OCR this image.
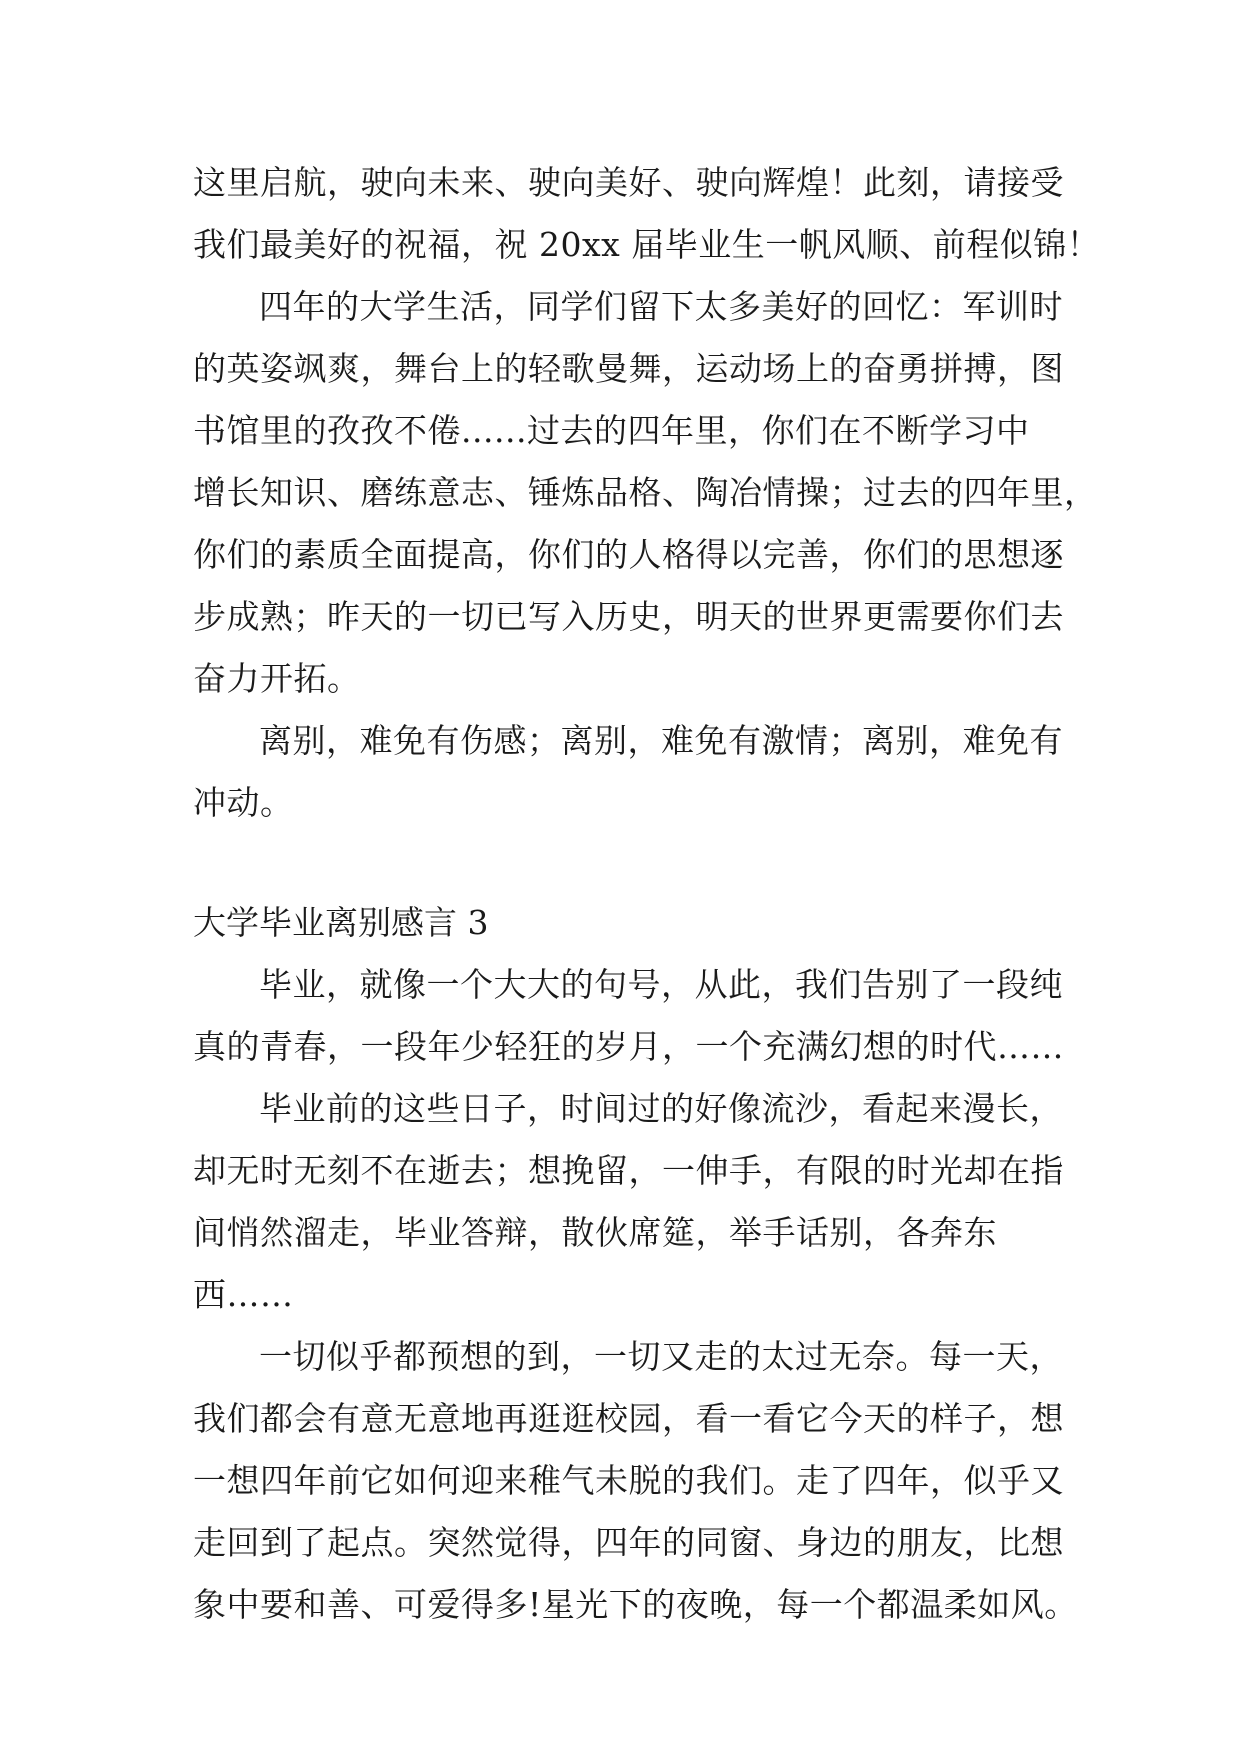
这里启航，驶向未来、驶向美好、驶向辉煌！此刻，请接受
我们最美好的祝福，祝 20xx 届毕业生一帆风顺、前程似锦！
四年的大学生活，同学们留下太多美好的回忆：军训时
的英姿飒爽，舞台上的轻歌曼舞，运动场上的奋勇拼搏，图
书馆里的孜孜不倦......过去的四年里，你们在不断学习中
增长知识、磨练意志、锤炼品格、陶冶情操；过去的四年里，
你们的素质全面提高，你们的人格得以完善，你们的思想逐
步成熟；昨天的一切已写入历史，明天的世界更需要你们去
奋力开拓。
离别，难免有伤感；离别，难免有激情；离别，难免有
冲动。
大学毕业离别感言 3
毕业，就像一个大大的句号，从此，我们告别了一段纯
真的青春，一段年少轻狂的岁月，一个充满幻想的时代……
毕业前的这些日子，时间过的好像流沙，看起来漫长，
却无时无刻不在逝去；想挽留，一伸手，有限的时光却在指
间悄然溜走，毕业答辩，散伙席筵，举手话别，各奔东
西……
一切似乎都预想的到，一切又走的太过无奈。每一天，
我们都会有意无意地再逛逛校园，看一看它今天的样子，想
一想四年前它如何迎来稚气未脱的我们。走了四年，似乎又
走回到了起点。突然觉得，四年的同窗、身边的朋友，比想
象中要和善、可爱得多!星光下的夜晚，每一个都温柔如风。
